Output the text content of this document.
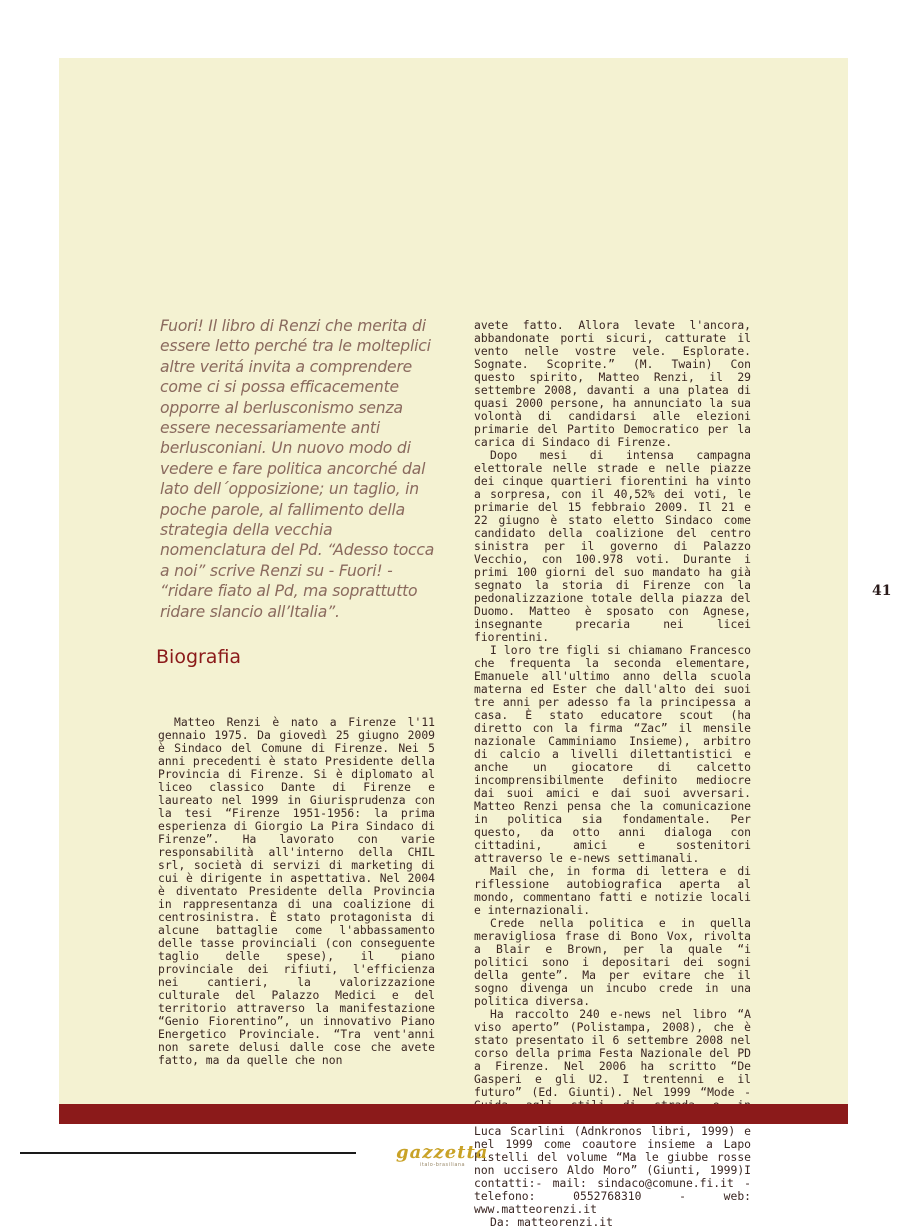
Fuori! Il libro di Renzi che merita di essere letto perché tra le molteplici altre veritá invita a comprendere come ci si possa efficacemente opporre al berlusconismo senza essere necessariamente anti berlusconiani. Un nuovo modo di vedere e fare politica ancorché dal lato dell´opposizione; un taglio, in poche parole, al fallimento della strategia della vecchia nomenclatura del Pd. “Adesso tocca a noi” scrive Renzi su - Fuori! - “ridare fiato al Pd, ma soprattutto ridare slancio all’Italia”.

Biografia

Matteo Renzi è nato a Firenze l'11 gennaio 1975. Da giovedì 25 giugno 2009 è Sindaco del Comune di Firenze. Nei 5 anni precedenti è stato Presidente della Provincia di Firenze. Si è diplomato al liceo classico Dante di Firenze e laureato nel 1999 in Giurisprudenza con la tesi “Firenze 1951-1956: la prima esperienza di Giorgio La Pira Sindaco di Firenze”. Ha lavorato con varie responsabilità all'interno della CHIL srl, società di servizi di marketing di cui è dirigente in aspettativa. Nel 2004 è diventato Presidente della Provincia in rappresentanza di una coalizione di centrosinistra. È stato protagonista di alcune battaglie come l'abbassamento delle tasse provinciali (con conseguente taglio delle spese), il piano provinciale dei rifiuti, l'efficienza nei cantieri, la valorizzazione culturale del Palazzo Medici e del territorio attraverso la manifestazione “Genio Fiorentino”, un innovativo Piano Energetico Provinciale. “Tra vent'anni non sarete delusi dalle cose che avete fatto, ma da quelle che non

avete fatto. Allora levate l'ancora, abbandonate porti sicuri, catturate il vento nelle vostre vele. Esplorate. Sognate. Scoprite.” (M. Twain) Con questo spirito, Matteo Renzi, il 29 settembre 2008, davanti a una platea di quasi 2000 persone, ha annunciato la sua volontà di candidarsi alle elezioni primarie del Partito Democratico per la carica di Sindaco di Firenze.

Dopo mesi di intensa campagna elettorale nelle strade e nelle piazze dei cinque quartieri fiorentini ha vinto a sorpresa, con il 40,52% dei voti, le primarie del 15 febbraio 2009. Il 21 e 22 giugno è stato eletto Sindaco come candidato della coalizione del centro sinistra per il governo di Palazzo Vecchio, con 100.978 voti. Durante i primi 100 giorni del suo mandato ha già segnato la storia di Firenze con la pedonalizzazione totale della piazza del Duomo. Matteo è sposato con Agnese, insegnante precaria nei licei fiorentini.

I loro tre figli si chiamano Francesco che frequenta la seconda elementare, Emanuele all'ultimo anno della scuola materna ed Ester che dall'alto dei suoi tre anni per adesso fa la principessa a casa. È stato educatore scout (ha diretto con la firma “Zac” il mensile nazionale Camminiamo Insieme), arbitro di calcio a livelli dilettantistici e anche un giocatore di calcetto incomprensibilmente definito mediocre dai suoi amici e dai suoi avversari. Matteo Renzi pensa che la comunicazione in politica sia fondamentale. Per questo, da otto anni dialoga con cittadini, amici e sostenitori attraverso le e-news settimanali.

Mail che, in forma di lettera e di riflessione autobiografica aperta al mondo, commentano fatti e notizie locali e internazionali.

Crede nella politica e in quella meravigliosa frase di Bono Vox, rivolta a Blair e Brown, per la quale “i politici sono i depositari dei sogni della gente”. Ma per evitare che il sogno divenga un incubo crede in una politica diversa.

Ha raccolto 240 e-news nel libro “A viso aperto” (Polistampa, 2008), che è stato presentato il 6 settembre 2008 nel corso della prima Festa Nazionale del PD a Firenze. Nel 2006 ha scritto “De Gasperi e gli U2. I trentenni e il futuro” (Ed. Giunti). Nel 1999 “Mode - Luca Scarlini (Adnkronos libri, 1999) e nel 1999 come coautore insieme a Lapo Pistelli del volume “Ma le giubbe rosse non uccisero Aldo Moro” (Giunti, 1999)I contatti:- mail: sindaco@comune.fi.it - telefono: 0552768310 - web: www.matteorenzi.it

Da: matteorenzi.it

41
gazzetta
italo-brasiliana
